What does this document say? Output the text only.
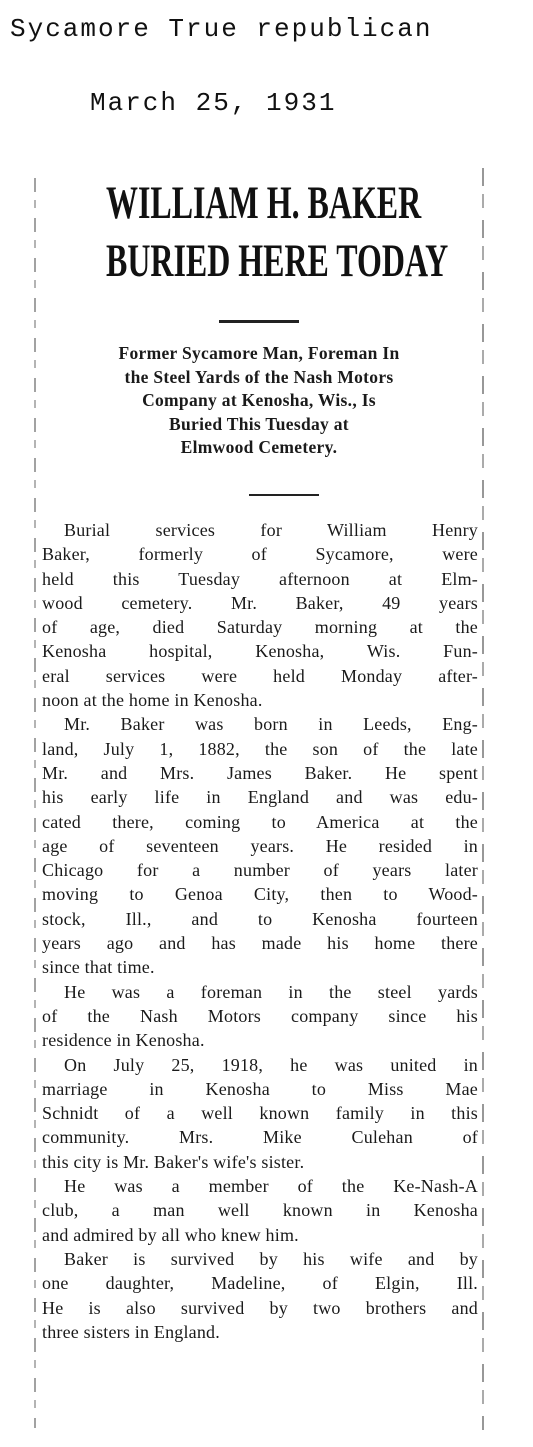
Sycamore True republican
March 25, 1931
WILLIAM H. BAKER
BURIED HERE TODAY
Former Sycamore Man, Foreman In
the Steel Yards of the Nash Motors
Company at Kenosha, Wis., Is
Buried This Tuesday at
Elmwood Cemetery.

Burial services for William Henry
Baker, formerly of Sycamore, were
held this Tuesday afternoon at Elm-
wood cemetery. Mr. Baker, 49 years
of age, died Saturday morning at the
Kenosha hospital, Kenosha, Wis. Fun-
eral services were held Monday after-
noon at the home in Kenosha.

Mr. Baker was born in Leeds, Eng-
land, July 1, 1882, the son of the late
Mr. and Mrs. James Baker. He spent
his early life in England and was edu-
cated there, coming to America at the
age of seventeen years. He resided in
Chicago for a number of years later
moving to Genoa City, then to Wood-
stock, Ill., and to Kenosha fourteen
years ago and has made his home there
since that time.

He was a foreman in the steel yards
of the Nash Motors company since his
residence in Kenosha.

On July 25, 1918, he was united in
marriage in Kenosha to Miss Mae
Schnidt of a well known family in this
community. Mrs. Mike Culehan of
this city is Mr. Baker's wife's sister.

He was a member of the Ke-Nash-A
club, a man well known in Kenosha
and admired by all who knew him.

Baker is survived by his wife and by
one daughter, Madeline, of Elgin, Ill.
He is also survived by two brothers and
three sisters in England.
